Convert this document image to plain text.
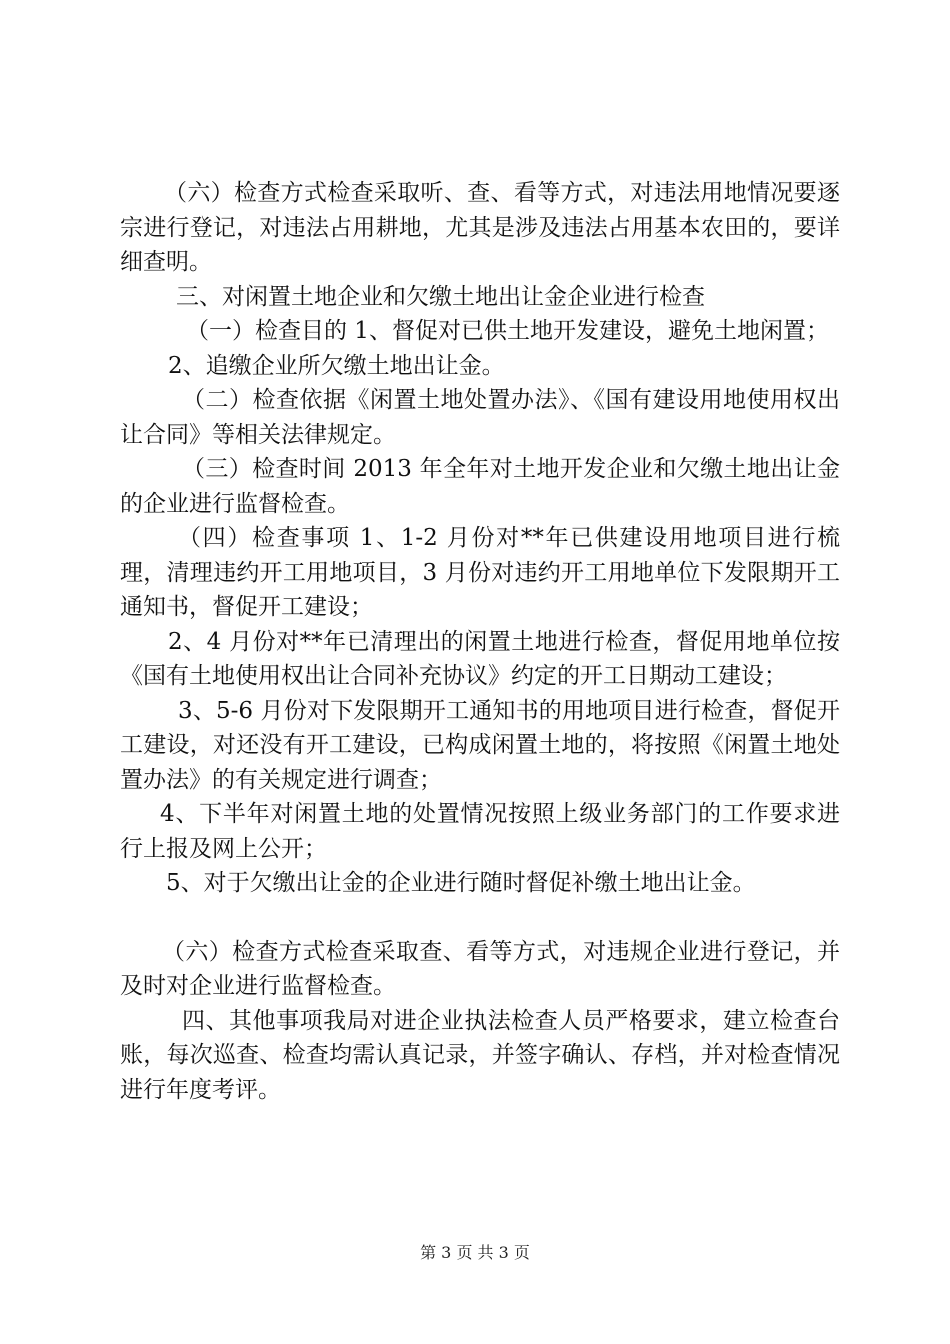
（六）检查方式检查采取听、查、看等方式，对违法用地情况要逐宗进行登记，对违法占用耕地，尤其是涉及违法占用基本农田的，要详细查明。

三、对闲置土地企业和欠缴土地出让金企业进行检查

（一）检查目的 1、督促对已供土地开发建设，避免土地闲置；

2、追缴企业所欠缴土地出让金。

（二）检查依据《闲置土地处置办法》、《国有建设用地使用权出让合同》等相关法律规定。

（三）检查时间 2013 年全年对土地开发企业和欠缴土地出让金的企业进行监督检查。

（四）检查事项 1、1-2 月份对**年已供建设用地项目进行梳理，清理违约开工用地项目，3 月份对违约开工用地单位下发限期开工通知书，督促开工建设；

2、4 月份对**年已清理出的闲置土地进行检查，督促用地单位按《国有土地使用权出让合同补充协议》约定的开工日期动工建设；

3、5-6 月份对下发限期开工通知书的用地项目进行检查，督促开工建设，对还没有开工建设，已构成闲置土地的，将按照《闲置土地处置办法》的有关规定进行调查；

4、下半年对闲置土地的处置情况按照上级业务部门的工作要求进行上报及网上公开；

5、对于欠缴出让金的企业进行随时督促补缴土地出让金。

（六）检查方式检查采取查、看等方式，对违规企业进行登记，并及时对企业进行监督检查。

四、其他事项我局对进企业执法检查人员严格要求，建立检查台账，每次巡查、检查均需认真记录，并签字确认、存档，并对检查情况进行年度考评。

第 3 页 共 3 页
